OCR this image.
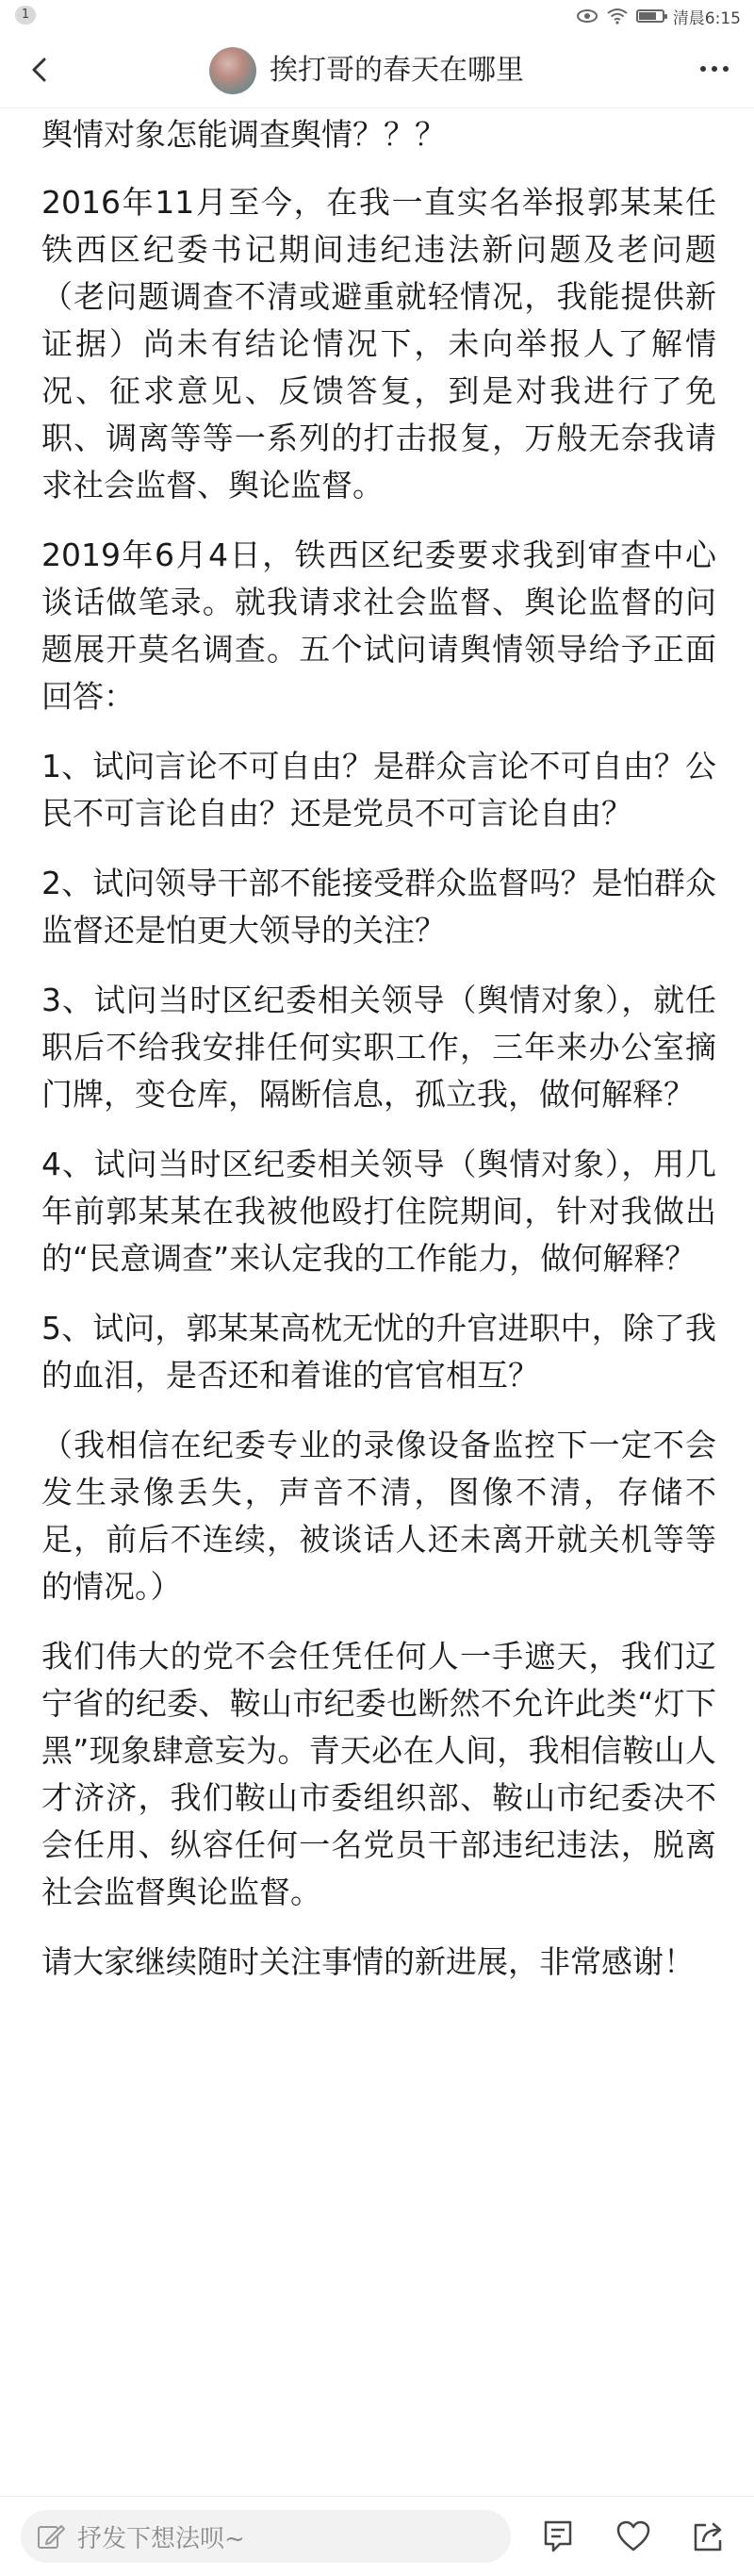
1	清晨6:15
挨打哥的春天在哪里

舆情对象怎能调查舆情？？？

2016年11月至今，在我一直实名举报郭某某任铁西区纪委书记期间违纪违法新问题及老问题（老问题调查不清或避重就轻情况，我能提供新证据）尚未有结论情况下，未向举报人了解情况、征求意见、反馈答复，到是对我进行了免职、调离等等一系列的打击报复，万般无奈我请求社会监督、舆论监督。

2019年6月4日，铁西区纪委要求我到审查中心谈话做笔录。就我请求社会监督、舆论监督的问题展开莫名调查。五个试问请舆情领导给予正面回答：

1、试问言论不可自由？是群众言论不可自由？公民不可言论自由？还是党员不可言论自由？

2、试问领导干部不能接受群众监督吗？是怕群众监督还是怕更大领导的关注？

3、试问当时区纪委相关领导（舆情对象），就任职后不给我安排任何实职工作，三年来办公室摘门牌，变仓库，隔断信息，孤立我，做何解释？

4、试问当时区纪委相关领导（舆情对象），用几年前郭某某在我被他殴打住院期间，针对我做出的“民意调查”来认定我的工作能力，做何解释？

5、试问，郭某某高枕无忧的升官进职中，除了我的血泪，是否还和着谁的官官相互？

（我相信在纪委专业的录像设备监控下一定不会发生录像丢失，声音不清，图像不清，存储不足，前后不连续，被谈话人还未离开就关机等等的情况。）

我们伟大的党不会任凭任何人一手遮天，我们辽宁省的纪委、鞍山市纪委也断然不允许此类“灯下黑”现象肆意妄为。青天必在人间，我相信鞍山人才济济，我们鞍山市委组织部、鞍山市纪委决不会任用、纵容任何一名党员干部违纪违法，脱离社会监督舆论监督。

请大家继续随时关注事情的新进展，非常感谢！

抒发下想法呗~
